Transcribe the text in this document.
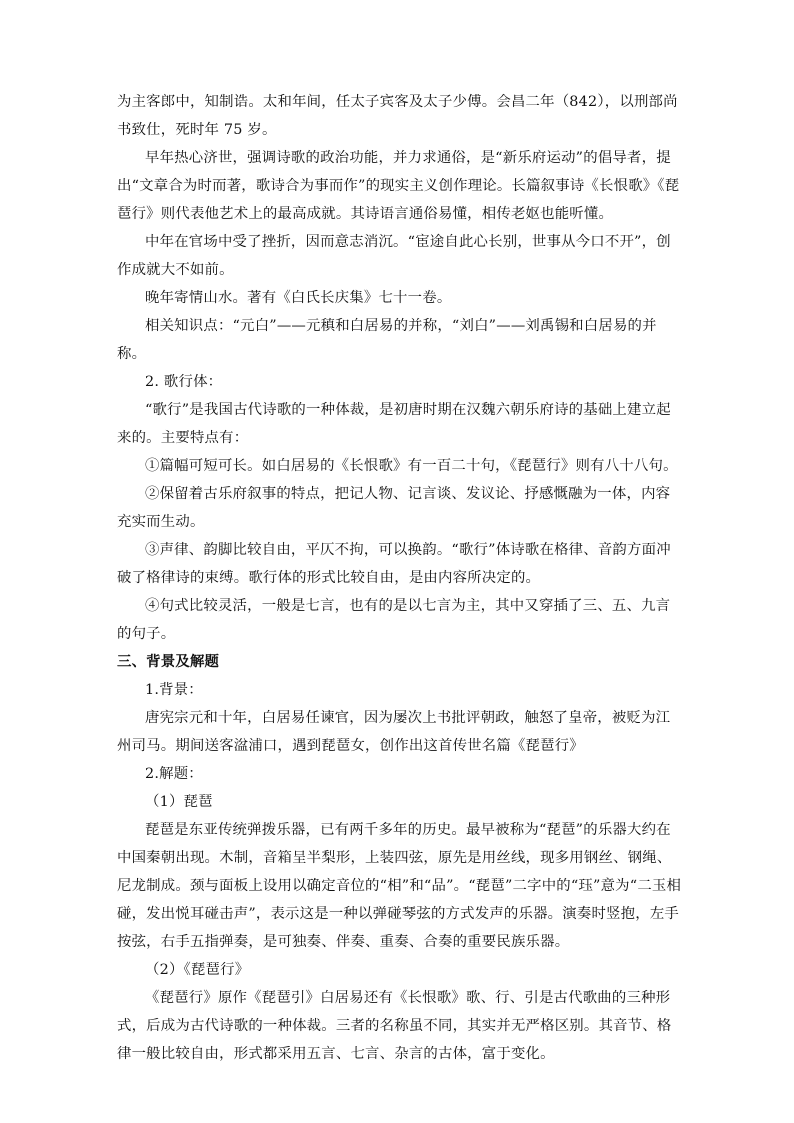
为主客郎中，知制诰。太和年间，任太子宾客及太子少傅。会昌二年（842），以刑部尚书致仕，死时年 75 岁。

早年热心济世，强调诗歌的政治功能，并力求通俗，是“新乐府运动”的倡导者，提出“文章合为时而著，歌诗合为事而作”的现实主义创作理论。长篇叙事诗《长恨歌》《琵琶行》则代表他艺术上的最高成就。其诗语言通俗易懂，相传老妪也能听懂。

中年在官场中受了挫折，因而意志消沉。“宦途自此心长别，世事从今口不开”，创作成就大不如前。

晚年寄情山水。著有《白氏长庆集》七十一卷。

相关知识点：“元白”——元稹和白居易的并称，“刘白”——刘禹锡和白居易的并称。

2. 歌行体：

“歌行”是我国古代诗歌的一种体裁，是初唐时期在汉魏六朝乐府诗的基础上建立起来的。主要特点有：

①篇幅可短可长。如白居易的《长恨歌》有一百二十句，《琵琶行》则有八十八句。

②保留着古乐府叙事的特点，把记人物、记言谈、发议论、抒感慨融为一体，内容充实而生动。

③声律、韵脚比较自由，平仄不拘，可以换韵。“歌行”体诗歌在格律、音韵方面冲破了格律诗的束缚。歌行体的形式比较自由，是由内容所决定的。

④句式比较灵活，一般是七言，也有的是以七言为主，其中又穿插了三、五、九言的句子。

三、背景及解题

1.背景：

唐宪宗元和十年，白居易任谏官，因为屡次上书批评朝政，触怒了皇帝，被贬为江州司马。期间送客湓浦口，遇到琵琶女，创作出这首传世名篇《琵琶行》

2.解题：

（1）琵琶

琵琶是东亚传统弹拨乐器，已有两千多年的历史。最早被称为“琵琶”的乐器大约在中国秦朝出现。木制，音箱呈半梨形，上装四弦，原先是用丝线，现多用钢丝、钢绳、尼龙制成。颈与面板上设用以确定音位的“相”和“品”。“琵琶”二字中的“珏”意为“二玉相碰，发出悦耳碰击声”，表示这是一种以弹碰琴弦的方式发声的乐器。演奏时竖抱，左手按弦，右手五指弹奏，是可独奏、伴奏、重奏、合奏的重要民族乐器。

（2）《琵琶行》

《琵琶行》原作《琵琶引》白居易还有《长恨歌》歌、行、引是古代歌曲的三种形式，后成为古代诗歌的一种体裁。三者的名称虽不同，其实并无严格区别。其音节、格律一般比较自由，形式都采用五言、七言、杂言的古体，富于变化。
